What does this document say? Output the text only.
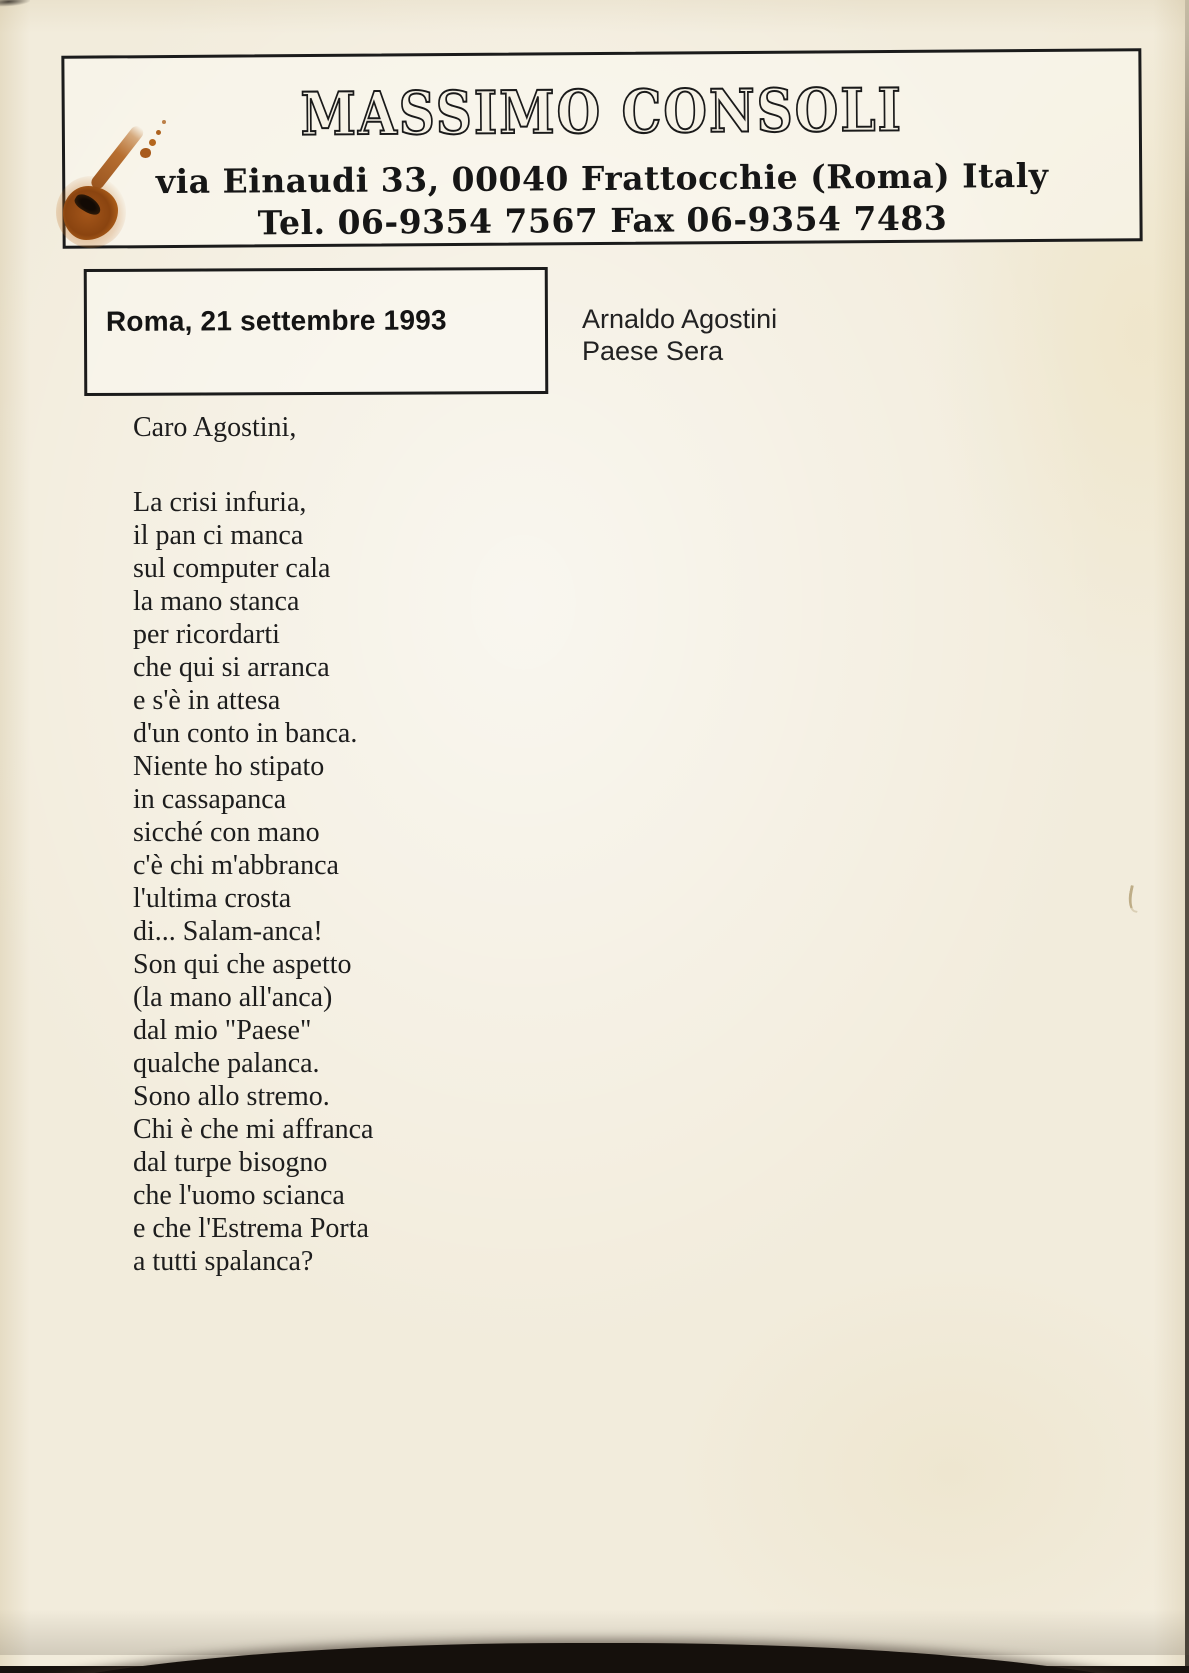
MASSIMO CONSOLI
via Einaudi 33, 00040 Frattocchie (Roma) Italy
Tel. 06-9354 7567 Fax 06-9354 7483
Roma, 21 settembre 1993	Arnaldo Agostini
Paese Sera
Caro Agostini,
La crisi infuria,
il pan ci manca
sul computer cala
la mano stanca
per ricordarti
che qui si arranca
e s'è in attesa
d'un conto in banca.
Niente ho stipato
in cassapanca
sicché con mano
c'è chi m'abbranca
l'ultima crosta
di... Salam-anca!
Son qui che aspetto
(la mano all'anca)
dal mio "Paese"
qualche palanca.
Sono allo stremo.
Chi è che mi affranca
dal turpe bisogno
che l'uomo scianca
e che l'Estrema Porta
a tutti spalanca?
